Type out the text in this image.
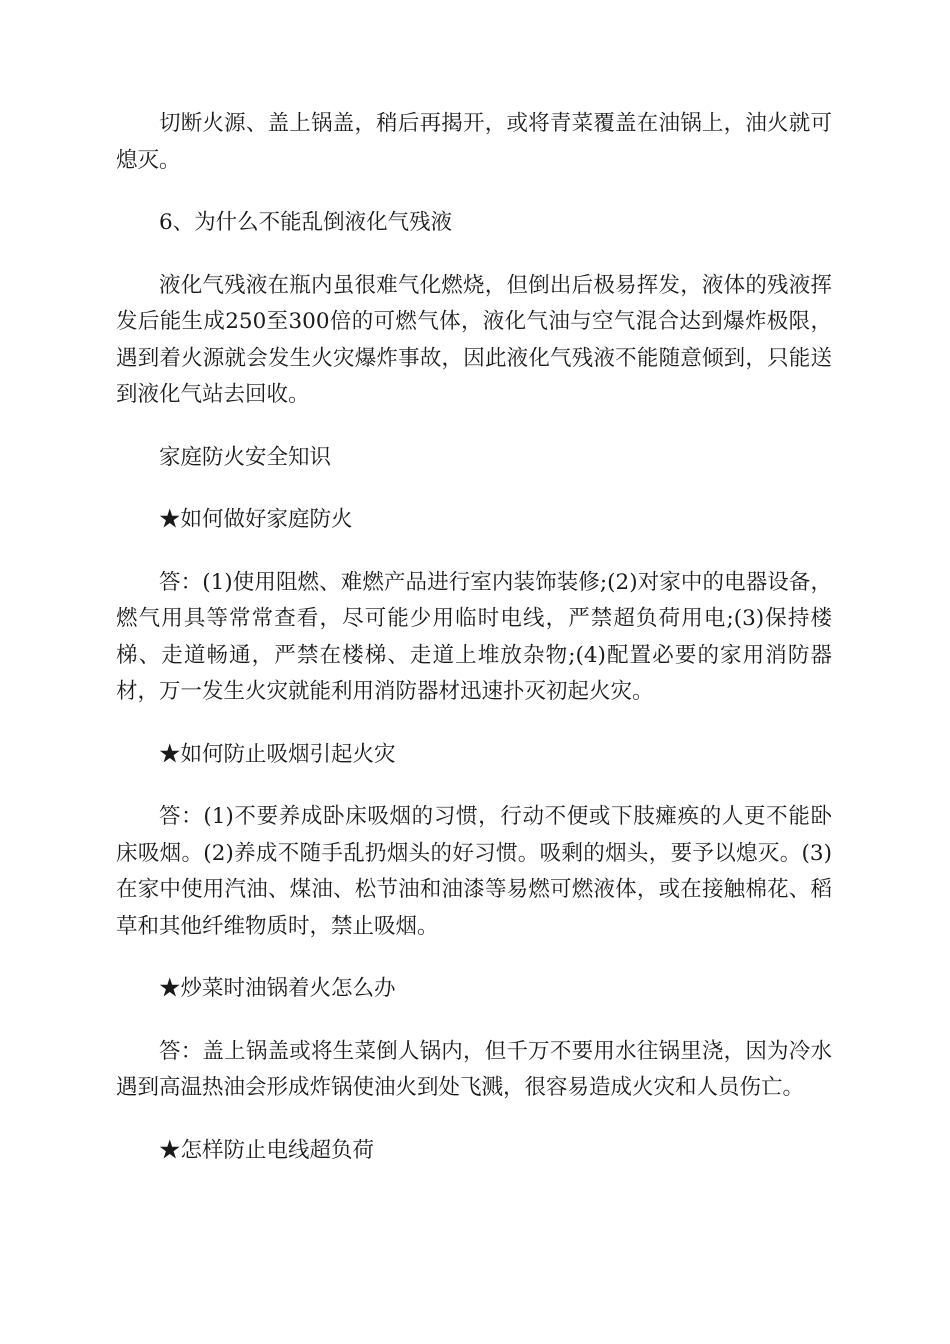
切断火源、盖上锅盖，稍后再揭开，或将青菜覆盖在油锅上，油火就可熄灭。

6、为什么不能乱倒液化气残液

液化气残液在瓶内虽很难气化燃烧，但倒出后极易挥发，液体的残液挥发后能生成250至300倍的可燃气体，液化气油与空气混合达到爆炸极限，遇到着火源就会发生火灾爆炸事故，因此液化气残液不能随意倾到，只能送到液化气站去回收。

家庭防火安全知识

★如何做好家庭防火

答：(1)使用阻燃、难燃产品进行室内装饰装修;(2)对家中的电器设备，燃气用具等常常查看，尽可能少用临时电线，严禁超负荷用电;(3)保持楼梯、走道畅通，严禁在楼梯、走道上堆放杂物;(4)配置必要的家用消防器材，万一发生火灾就能利用消防器材迅速扑灭初起火灾。

★如何防止吸烟引起火灾

答：(1)不要养成卧床吸烟的习惯，行动不便或下肢瘫痪的人更不能卧床吸烟。(2)养成不随手乱扔烟头的好习惯。吸剩的烟头，要予以熄灭。(3)在家中使用汽油、煤油、松节油和油漆等易燃可燃液体，或在接触棉花、稻草和其他纤维物质时，禁止吸烟。

★炒菜时油锅着火怎么办

答：盖上锅盖或将生菜倒人锅内，但千万不要用水往锅里浇，因为冷水遇到高温热油会形成炸锅使油火到处飞溅，很容易造成火灾和人员伤亡。

★怎样防止电线超负荷
